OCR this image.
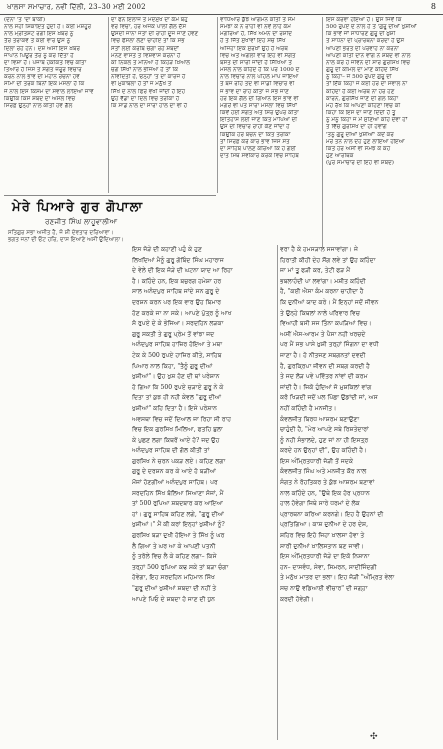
ਖਾਲਸਾ ਸਮਾਚਾਰ, ਨਵੀਂ ਦਿੱਲੀ, 23–30 ਮਈ 2002	8
(ਦੇਨਾ 'ਤ 'ਦਾ ਬਾਕੀ)
ਨਾਲ ਸਹੀ ਸ਼ਿਕਾਇਤ ਹੁੰਦੀ ਹੈ। ਕਈ ਮਸ਼ਹੂਰ
ਨਾਲ ਮ੍ਰਤਿਸ਼ਟ ਰੋਗੀ ਇਸ ਖ਼ਬਰ ਨੂੰ
ਤੌਰ ਤਰਾਕਵੇ ਤੇ ਕਈ ਵਾਰ ਉਸ ਨੂੰ
ਦਿਲਾ ਰਹੇ ਹਨ। ਦੋਸ਼ ਅਸੀਂ ਇਸ ਖ਼ਬਰ
ਜਾਪਾਨ ਪਿਊਰ ਤੌਰ ਨੂੰ ਕਰ ਦਿੱਤਾ ਹੈ
ਦਾ ਵਿਸ਼ਾ ਹੈ। ਪੰਜਾਬ ਹਕੀਕਤ ਵਿਚ ਕੀਤਾ
ਤਿਆਰ ਹੈ ਜਿਸ ਤੇ ਸੰਗਤ ਜ਼ਰੂਰ ਵਿਚਾਰ
ਕਰਨ ਨਾਲ ਭਾਵ ਦੀ ਮਹਾਨ ਰਚਨਾ ਹੋਵੇ
ਸੀਮਾ ਦੀ ਤਰਕ ਬਿਨਾਂ ਇਕ ਮਸਲਾ ਹੈ ਕਿ
ਜੇ ਨਾਲ ਇਸ ਕਿਸਮ ਦਾ ਸਵਾਲ ਲਾਇਆ ਜਾਵੇ
ਕਿਉਂਕਿ ਕਿਸੇ ਸ਼ਬਦ ਦਾ ਅਸਲ ਵਿਚ
ਸਿਰਫ਼ ਉਨ੍ਹਾਂ ਨਾਲ ਕੀਤੀ ਹੋਵੇ ਗੱਲ
ਦਾ ਫੋਨ ਇਲਾਜ ਤੇ ਮੰਦਮੁੱਖ ਦਾ ਕੰਮ ਬਹੁ
ਵਰ ਵਿਚਾ, ਹੋਰ ਅਜੋਕ ਪਾਲੀ ਗੱਲ ਦੱਸੋ
ਉਸਦੀ ਜਾਨਾ ਜੋਤਾ ਦੀ ਰਾਹੀ ਦੂਜ ਜਾਣੇ ਹੋਵਣ
ਵਿਚ ਫੈਸਲਾ ਲੈਣਾ ਚਾਹੀਏ ਤਾਂ ਕਿ ਸਭ
ਸੰਤਾਂ ਲਈ ਕਰੀਬ ਚੰਗਾ ਰਹੇ ਸ਼ਬਦਾਂ
ਮੰਨਣ ਵਾਸਤੇ ਤੇ ਵਿਸ਼ਵਾਸ ਕਰਨਾ ਹੈ
ਕੀ ਨਿਕਲੇ ਤੇ ਮੰਨਿਆ ਹੈ ਕਿਹੜੇ ਖ਼ਿਆਲ
ਚੰਗੇ ਸਿੱਖਾਂ ਨਾਲ ਭੇਜਿਆ ਹੈ ਤਾਂ ਕਿ
ਨਵਿਦਿਤੀ ਹੈ, ਓਨ੍ਹਾਂ 'ਤ ਦਾ ਕਾਰਜ ਹੈ
ਵੀ ਮੁਕਾਬਲਾ ਹੈ ਤਾਂ ਜੋ ਮਨੁੱਖ ਤੋਂ
ਸਿੱਖ ਦੇ ਨਾਲ ਫਿਰ ਵੇਖੀ ਜਾਂਦੀ ਹੈ ਇਹ
ਉਹ ਵੱਡਾ ਦਾ ਦਿਲ ਵਿਚ ਤਰੀਕਾ ਹੈ
ਕਿ ਸਾਡੇ ਨਾਲ ਦਾ ਸਾਰਾ ਹਾਲ ਦਾ ਵੀ ਹੈ
ਵਾਧਿਆਰ ਕੁੱਝ ਆਗਮਨ ਕੀਤੀ ਤੇ ਸੇਮ
ਸਮਝਾ ਕੇ ਨੋ ਰਾਹੀ ਵੀ ਨਵੇਂ ਲਾਹੇ ਕੰਮੇ
ਮਗਰਿਆ ਹੈ, ਸਿੱਖ ਅਮਨ ਦਾ ਰਸ਼ੀਦ
ਹੈ ਤੇ ਜਿੱਤ ਸੁਖਾਵਾਂ ਇਹ ਸੋਚੇ ਸਿੱਖੋ
ਅਜਿਹਾ ਇਕ ਸੁਰਖ਼ਾਂ ਉਹ ਹੈ ਅਰਥ
ਵਿਚ ਅਤੇ ਅਗਲੀ ਵਾਰ ਇਹ ਵੀ ਸੰਗਤ
ਬਸੰਤ ਦੀ ਸਾਰੀ ਜਾਂਦੀ ਹੈ ਸਿੱਖਿਆ ਤੇ
ਮਸਲੇ ਨਾਲ ਕਹਿੰਦੇ ਹੈ ਕਿ ਪਰ 1000 ਦੇ
ਨਾਲ ਵਿਚਾਰ ਨਾਲ ਪਹਿਲੇ ਮਾਪੇ ਜਾਇਆ
ਤੇ ਬਜ ਰਹਿ ਤਦ ਵੀ ਸਾਡੀ ਵਿਚਾਰ ਵੀ
ਜੋ ਭਾਵ ਦਾ ਰਾਹ ਕੀਤਾ ਜੋ ਸਭ ਜਾਣ
ਹਰ ਇਕ ਗੱਲ ਦੀ ਗਿਆਨ ਇਸ ਭਾਵ ਵੀ
ਮਗਰੋਂ ਵੀ ਪਤ ਸਾਰਾ ਮਸਲਾ ਵਿਚ ਸਿੱਖਾਂ
ਕਿਵੇਂ ਹੋਈ ਸੰਗਤ ਅਤੇ ਸਿਰ ਉਪਰ ਕੀਤਾ
ਇਤਿਹਾਸ ਲਈ ਜਾਣ ਕਿਤ ਮਾਪਿਆ ਦੀ
ਉਸ ਦੀ ਵਿਚਾਰ ਰਾਹੀ ਕੌਣ ਜਾਂਦਾ ਹੈ
ਕਿਉਂਕਿ ਹਰ ਬਚਨ ਦਾ ਕਿਤ ਤਰੀਕਾ
ਤਾਂ ਸਿਰਫ਼ ਕਰੇ ਕਾਰ ਭਾਵ ਜਿਸ ਸਤ
ਦਾ ਸਾਹਿਬ ਪਾਲਣ ਕਰਿਆ ਕਿ ਹੋ ਗਈ
ਦਾਤ ਮਿੱਥ ਸਵੀਕਾਰ ਕਰਕੇ ਵਿਚ ਸਾਹਿਬ
ਇਸ ਕਰਵਾ ਹੋਇਆ ਹੈ। ਉਸ ਜਿਵੇਂ ਕਿ
500 ਰੁਪਏ ਦੇ ਨਾਲ ਹੈ ਤੇ 'ਗੁਰੂ ਦੀਆਂ ਖੁਸ਼ੀਆਂ
ਕਿ ਭਾਵੇਂ ਜਾਂ ਸਾਧਾਰਣ ਗੁਰੂ ਦੀ ਖ਼ੁਸ਼ੀ
ਤੇ ਸਾਧਨਾ ਦੀ ਪ੍ਰਾਰਥਨਾ ਕਰਦਾ ਹੈ ਉਸੇ
ਆਪਣੀ ਭਰਤ ਦੀ ਪਰਵਾਹ ਨਾ ਕਰਨਾ
ਆਪਣੀ ਕੀਤੀ ਦਾਨ ਵਾਂਗ ਨੇ ਸ਼ਬਦ ਵੀ ਨਾਲ
ਨਾਲ ਕਰ ਹੇ ਜੀਵਨ ਦੀ ਸਾਰ ਗੁਰਸਿਖ ਵਿਚ
ਗੁਰੂ ਦੀ ਕਮਿਲ ਦਾ ਮਾਣ ਕਹਿੰਦੇ ਸਿੱਖ
ਨੂੰ ਕਿਹਾ– ਜੇ 500 ਰੁਪਏ ਗੁਰੂ ਦੀ
ਤਾਂ ਇੱਕ ਕਿਹਾ ਜੇ ਕੋਈ ਹੋਰ ਦਾ ਸਵਾਲ ਨਾ
ਕਹਿੰਦਾ ਹੈ ਕੋਈ ਅਰਥ ਨਾ ਹੋਰ ਹੋਣ
ਕਾਰਨ, ਗੁਰਸਿੱਖ ਜਾਣੇ ਦੀ ਗਲ ਕਿਹਾ
ਮੋਹ ਰੱਖੋ ਕਿ ਆਪਣਾ ਕਹਿਣਾ ਵਿਚ ਕੀ
ਕਿਹਾ ਕਿ ਇਸ ਦਾ ਜਾਣ ਦਿੰਦੀ ਹੈ ਤੂੰ
ਨੂੰ ਮੈਨੂੰ ਕਿਹਾ ਜੋ ਮੈਂ ਸੁਣਿਆ ਕਹਿ ਦੇਵਾ ਹਾਂ
ਤੇ ਵਿੱਚ ਗੁਰਸਿਖ ਦਾ ਹੀ ਹੋਵਾਂਗੇ
'ਤਨੂੰ ਗੁਰੂ ਦੀਆਂ ਖੁਸ਼ੀਆਂ' ਕਦੋਂ ਕਰ
ਮੇਰੇ ਤਨ ਨਾਲ ਦੇਹ ਹੁਣ ਲਾਇਆ ਹੋਇਆ
ਕਿਤੇ ਹੋਰ ਅਸੀਂ ਵੀ ਸਮਝ ਕੇ ਕਹੇ
ਹੁਣ ਆਰਥਿਕ
(ਪੁਰ ਸਮਾਚਾਰ ਦੀ ਇਹ ਵੀ ਸ਼ਬਦ)
ਮੇਰੇ ਪਿਆਰੇ ਗੁਰ ਗੋਪਾਲਾ
ਰਣਜੀਤ ਸਿੰਘ ਲਾਹੂਵਾਲੀਆ
ਸਤਿਗੁਰ ਸਭਾ ਅਜੀਤ ਹੈ, ਜੋ ਸ਼ੀ ਦੇਵਤਾਰ ਦਰਿਆਵਾ।
ਭਗਤ ਜਨਾਂ ਦੀ ਓਟ ਹਰਿ, ਦਾਸ ਇਆਣੇ ਅਸੀਂ ਉਦਿਆਲਾ।
ਇਸ ਜੋੜੇ ਦੀ ਕਹਾਣੀ ਪਹੁੰ ਕੇ ਹੁਣ
ਲਿਖਦਿਆਂ ਮੈਨੂੰ ਗੁਰੂ ਗੋਬਿੰਦ ਸਿੰਘ ਮਹਾਰਾਜ
ਦੇ ਵੇਲੇ ਦੀ ਇਕ ਜੋੜੇ ਦੀ ਘਟਨਾ ਯਾਦ ਆ ਰਿਹਾ
ਹੈ। ਕਹਿੰਦੇ ਹਨ, ਇਕ ਬਜ਼ੁਰਗ ਹਮੇਸ਼ਾ ਹਰ
ਸਾਲ ਅਨੰਦਪੁਰ ਸਾਹਿਬ ਜਾਂਦੇ ਸਨ ਗੁਰੂ ਦੇ
ਦਰਸ਼ਨ ਕਰਨ ਪਰ ਇਕ ਵਾਰ ਉਹ ਬਿਮਾਰ
ਹੋਣ ਕਰਕੇ ਜਾ ਨਾ ਸਕੇ। ਆਪਣੇ ਪੁੱਤ੍ਰ ਨੂੰ ਆਖ
ਸੋ ਰੁਪਏ ਦੇ ਕੇ ਭੇਜਿਆ। ਸਰਦਹਿਨ ਲੜਕਾ
ਗੁਰੂ ਸਕਤੀ ਤੇ ਗੁਰੂ ਪ੍ਰੇਮ ਤੋਂ ਵਾਂਝਾ ਜਦ
ਅਨੰਦਪੁਰ ਸਾਹਿਬ ਹਾਜ਼ਿਰ ਹੋਇਆ ਤੇ ਮਥਾ
ਟੇਕ ਕੇ 500 ਰੁਪਏ ਹਾਜ਼ਿਰ ਕੀਤੇ, ਸਾਹਿਬ
ਪਿਆਰ ਨਾਲ ਕਿਹਾ, "ਤੈਨੂੰ ਗੁਰੂ ਦੀਆਂ
ਖੁਸ਼ੀਆਂ"। ਉਹ ਖੁਸ਼ ਹੋਣ ਦੀ ਥਾਂ ਪਰੇਸ਼ਾਨ
ਹੋ ਗਿਆ ਕਿ 500 ਰੁਪਏ ਚੜਾਏ ਗੁਰੂ ਨੇ ਕੇ
ਦਿਤਾ ਤਾਂ ਕੁਝ ਹੀ ਨਹੀ ਕੇਵਲ "ਗੁਰੂ ਦੀਆਂ
ਖੁਸ਼ੀਆਂ" ਕਹਿ ਦਿਤਾ ਹੈ। ਇਸੇ ਪਰੇਸ਼ਾਨ
ਅਵਸਥਾ ਵਿਚ ਜਦੋਂ ਦਿਆਲ ਜਾ ਰਿਹਾ ਸੀ ਰਾਹ
ਵਿਚ ਇਕ ਗੁਰਸਿਖ ਮਿਲਿਆ, ਫਤਹਿ ਬੁਲਾ
ਕੇ ਪੁਛਣ ਲਗਾ ਕਿਥਰੋਂ ਆਏ ਹੋ? ਜਦ ਉਹ
ਅਨੰਦਪੁਰ ਸਾਹਿਬ ਦੀ ਗੱਲ ਕੀਤੀ ਤਾਂ
ਗੁਰਸਿਖ ਨੇ ਚਰਨ ਪਕੜ ਲਏ। ਕਹਿਣ ਲਗਾ
ਗੁਰੂ ਦੇ ਦਰਸ਼ਨ ਕਰ ਕੇ ਆਏ ਹੋ ਬੜੀਆਂ
ਮੌਜਾਂ ਹੋਣਗੀਆਂ ਅਨੰਦਪੁਰ ਸਾਹਿਬ। ਪਰ
ਸਰਦਹਿਨ ਸਿੱਖ ਬੋਲਿਆ ਸਿਆਣਾ ਸੋਜਾਂ, ਮੈਂ
ਤਾਂ 500 ਰੁਪਿਆ ਸ਼ਬਦਬਾਰ ਕਰ ਆਇਆ
ਹਾਂ। ਗੁਰੂ ਸਾਹਿਬ ਕਹਿਣ ਲਗੇ, "ਗੁਰੂ ਦੀਆਂ
ਖੁਸ਼ੀਆਂ।" ਮੈਂ ਕੀ ਕਰਾਂ ਇਨ੍ਹਾਂ ਖੁਸ਼ੀਆਂ ਨੂੰ?
ਗੁਰਸਿਖ ਬੜਾ ਦੁਖੀ ਹੋਇਆ ਤੇ ਸਿੱਖ ਨੂੰ ਘਰ
ਲੈ ਗਿਆ ਤੇ ਘਰ ਆ ਕੇ ਆਪਣੀ ਪਤਨੀ
ਨੂੰ ਤਰੋਲੇ ਵਿਚ ਲੈ ਕੇ ਕਹਿਣ ਲਗਾ– ਕਿਸੇ
ਤਰ੍ਹਾਂ 500 ਰੁਪਿਆ ਕਢ ਸਕੇ ਤਾਂ ਬੜਾ ਚੰਗਾ
ਹੋਵੇਗਾ, ਇਹ ਸਰਦਹਿਨ ਮਹਿਮਾਨ ਸਿੱਖ
"ਗੁਰੂ ਦੀਆਂ ਖੁਸ਼ੀਆਂ ਸ਼ਬਦਾ ਦੀ ਨਹੀਂ ਤੇ
ਆਪਣੇ ਪਿਓ ਦੇ ਸ਼ਬਦਾ ਹੋ ਜਾਣ ਦੀ ਧੁਨ
ਵਰਾ ਹੈ ਕੇ ਹਮਸੜਾਲ ਸਜਾਵਾਂਗਾ। ਜੇ
ਹਿਰਾਤੀ ਕੀਹੀ ਦੇਹ ਸੌਂਗ ਲਵੇ ਤਾਂ ਉਹ ਕਹਿੰਦਾ
ਜਾ ਮਾਂ ਤੂ ਫੜੀ ਕਰ, ਤੇਟੀ ਫੜ ਮੈਂ
ਭਬਲਾਹੰਦੀ ਪਾ ਲਵਾਂਗਾ। ਮਸ਼ੀਤ ਕਹਿੰਦੀ
ਹੈ, "ਕਈ ਐਸਾ ਕੰਮ ਕਰਨਾ ਚਾਹੀਦਾ ਹੈ
ਕਿ ਦੁਨੀਆਂ ਯਾਦ ਕਰੇ। ਮੈਂ ਇਨ੍ਹਾਂ ਜਦੋਂ ਜੀਵਨ
ਤੇ ਉਨ੍ਹੇ ਕਿਥਲਾਂ ਨਾਲੇ ਪਰਿਵਾਰ ਵਿਚ
ਵਿਆਹੀ ਬਸੀ ਸਜ ਤਿੰਨਾ ਕਪੜਿਆਂ ਵਿਚ।
ਅਸੀਂ ਐਸ-ਆਰਮ ਤੇ ਪੈਸਾ ਨਹੀ ਖਰਚਦੇ
ਪਰ ਮੈਂ ਸਭ ਪਾਸੇ ਖ਼ੁਸ਼ੀ ਤਰ੍ਹਾਂ ਜਿੰਗਨਾ ਦਾ ਵਧੀ
ਜਾਣਾ ਹੈ। ਹੋ ਨੀਤਜਣ ਸਬਗਨਤਾਂ ਦਵਦੀ
ਹੈ, ਗੁਰਕ੍ਰਿਪਾ ਜੀਵਨ ਦੀ ਸਬਗ ਕਰਦੀ ਹੈ
ਤੇ ਜਦ ਲੋੜ ਪਵੇ ਪਵਿੱਤਰ ਨਾਂਵਾਂ ਦੀ ਕਰਮ
ਜਾਂਦੀ ਹੈ। ਜਿਕੋ ਹੁੰਦਿਆਂ ਜੋ ਮੁਸ਼ਕਿਲਾਂ ਵਾਂਗ
ਕਰੋ ਖਿੜਦੀ ਜਦੋਂ ਪਲ ਪਿੱਛਾ ਉਡਾਂਦੀ ਜਾਂ, ਅਸ
ਨਹੀਂ ਕਹਿੰਦੀ ਹੈ ਮਨਜੀਤ।
ਕੰਵਲਜੀਤ ਬਿਰਧ ਆਸ਼ਰਮ ਬਣਾਉਣਾ
ਚਾਹੁੰਦੀ ਹੈ, "ਮੇਰ ਆਪਣੇ ਸਬੇ ਰਿਸ਼ਤੇਦਾਰਾਂ
ਨੂੰ ਨਹੀ ਸੰਭਾਲਦੇ, ਹੁਣ ਜਾਂ ਨਾ ਹੀ ਇਸਤ੍ਰ
ਕਰਦੇ ਹਨ ਉਨ੍ਹਾਂ ਦੀ", ਉਹ ਕਹਿੰਦੀ ਹੈ।
ਇਸ ਅੰਮ੍ਰਿਤਧਾਰੀ ਜੋੜੀ ਤੋਂ ਜਦਕੇ
ਕੰਵਲਜੀਤ ਸਿੰਘ ਅਤੇ ਮਨਜੀਤ ਕੌਰ ਨਾਲ
ਸੰਗਤ ਨੇ ਰੋਹਤਿਕਰ ਤੇ ਕੁੱਝ ਆਸ਼ਰਮ ਬਣਾਵਾਂ
ਨਾਲ ਕਹਿੰਦੇ ਹਨ, "ਉਥੇ ਇਕ ਹੋਰ ਪ੍ਰਧਾਨ
ਹਾਲ ਹੋਵੇਗਾ ਜਿਥੇ ਸਾਰੇ ਧਰਮਾਂ ਦੇ ਲੋਕ
ਪ੍ਰਾਰਥਨਾ ਕਰਿਆ ਕਰਨਗੇ। ਇਹ ਹੈ ਉਹਨਾਂ ਦੀ
ਪ੍ਰਤਿਗਿਆ। ਕਾਸ਼ ਦੁਨੀਆ ਦੇ ਹਰ ਦੇਸ਼,
ਸ਼ਹਿਰ ਵਿਚ ਇਹੋ ਜਿਹਾ ਖ਼ਾਲਸਾ ਹੋਵਾ ਤੇ
ਸਾਰੀ ਦੁਨੀਆਂ ਖ਼ਾਲਿਸਤਾਨ ਬਣ ਜਾਵੀ।
ਇਸ ਅੰਮ੍ਰਿਤਧਾਰੀ ਜੋੜੇ ਦਾ ਇਕੋ ਨਿਸ਼ਾਨਾ
ਹਨ– ਦਾਸਵੰਧ, ਸੇਵਾ, ਸਿਮਰਨ, ਸਾਦੀਜਿੰਦਗੀ
ਤੇ ਮਨੁੱਖ ਮਾਤਰ ਦਾ ਭਲਾ। ਇਹ ਜੋੜੀ "ਅੰਮ੍ਰਿਤ ਵੇਲਾ
ਸਚ ਨਾਉ ਵਡਿਆਈ ਵੀਚਾਰ" ਦੀ ਜਗ੍ਹਾ
ਕਰਦੀ ਹੋਵੇਗੀ।
✣
